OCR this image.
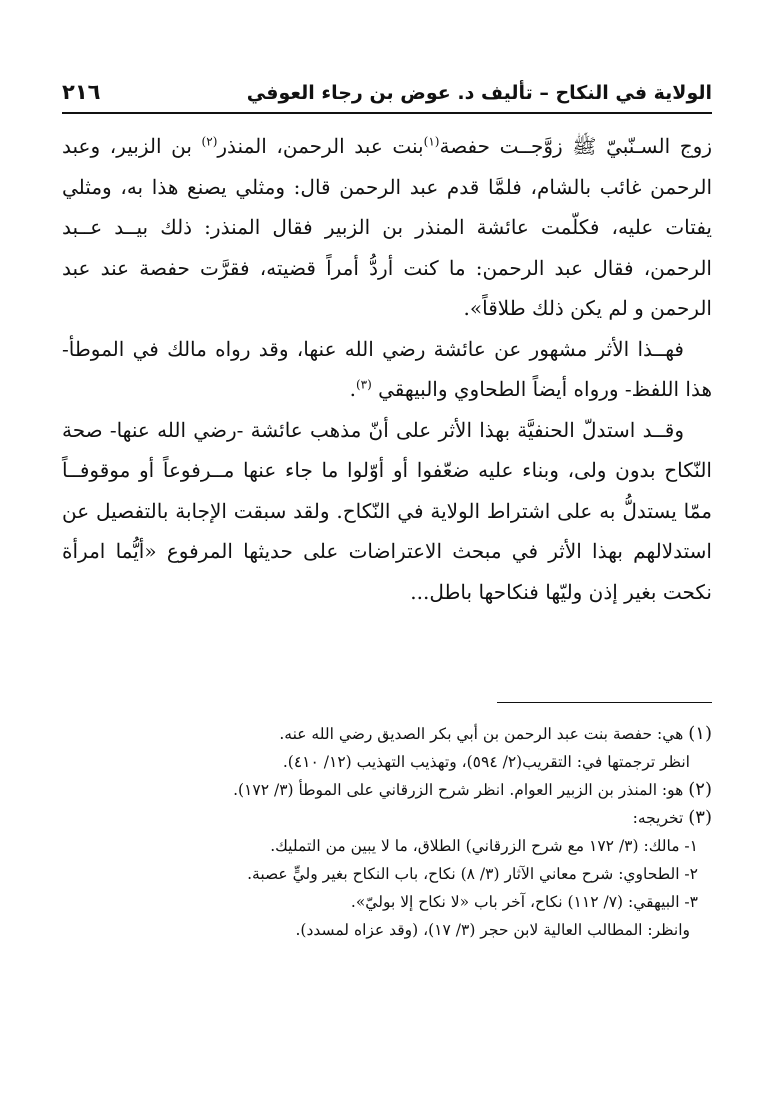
الولاية في النكاح – تأليف د. عوض بن رجاء العوفي
٢١٦

زوج السـنّبيّ ﷺ زوَّجــت حفصة$^{(١)}$بنت عبد الرحمن، المنذر$^{(٢)}$ بن الزبير، وعبد الرحمن غائب بالشام، فلمَّا قدم عبد الرحمن قال: ومثلي يصنع هذا به، ومثلي يفتات عليه، فكلّمت عائشة المنذر بن الزبير فقال المنذر: ذلك بيــد عــبد الرحمن، فقال عبد الرحمن: ما كنت أردُّ أمراً قضيته، فقرَّت حفصة عند عبد الرحمن و لم يكن ذلك طلاقاً».

فهــذا الأثر مشهور عن عائشة رضي الله عنها، وقد رواه مالك في الموطأ- هذا اللفظ- ورواه أيضاً الطحاوي والبيهقي $^{(٣)}$.

وقــد استدلّ الحنفيَّة بهذا الأثر على أنّ مذهب عائشة -رضي الله عنها- صحة النّكاح بدون ولى، وبناء عليه ضعّفوا أو أوّلوا ما جاء عنها مــرفوعاً أو موقوفــاً ممّا يستدلُّ به على اشتراط الولاية في النّكاح. ولقد سبقت الإجابة بالتفصيل عن استدلالهم بهذا الأثر في مبحث الاعتراضات على حديثها المرفوع «أيُّما امرأة نكحت بغير إذن وليّها فنكاحها باطل...

(١) هي: حفصة بنت عبد الرحمن بن أبي بكر الصديق رضي الله عنه.

انظر ترجمتها في: التقريب(٢/ ٥٩٤)، وتهذيب التهذيب (١٢/ ٤١٠).

(٢) هو: المنذر بن الزبير العوام. انظر شرح الزرقاني على الموطأ (٣/ ١٧٢).

(٣) تخريجه:

١- مالك: (٣/ ١٧٢ مع شرح الزرقاني) الطلاق، ما لا يبين من التمليك.

٢- الطحاوي: شرح معاني الآثار (٣/ ٨) نكاح، باب النكاح بغير وليٍّ عصبة.

٣- البيهقي: (٧/ ١١٢) نكاح، آخر باب «لا نكاح إلا بوليّ».

وانظر: المطالب العالية لابن حجر (٣/ ١٧)، (وقد عزاه لمسدد).
